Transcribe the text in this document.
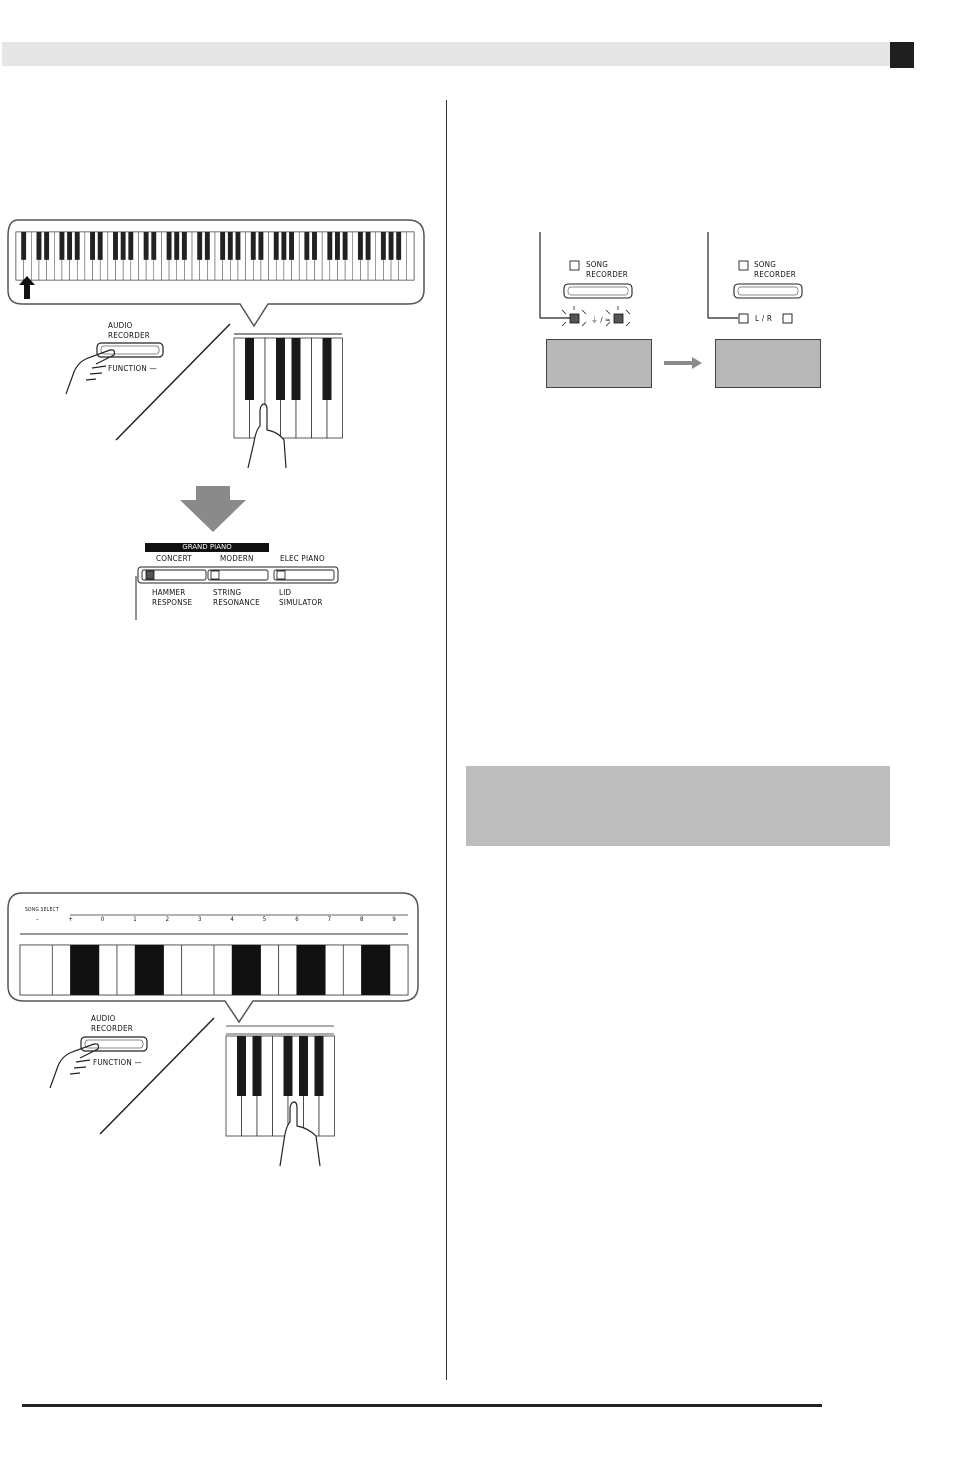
AUDIO
RECORDER
FUNCTION —
GRAND PIANO
CONCERT	MODERN	ELEC PIANO
HAMMER
RESPONSE
STRING
RESONANCE
LID
SIMULATOR
SONG SELECT
–	+	0	1	2	3	4	5	6	7	8	9
AUDIO
RECORDER
FUNCTION —
⏚ / ≈
SONG
RECORDER
SONG
RECORDER
L / R
